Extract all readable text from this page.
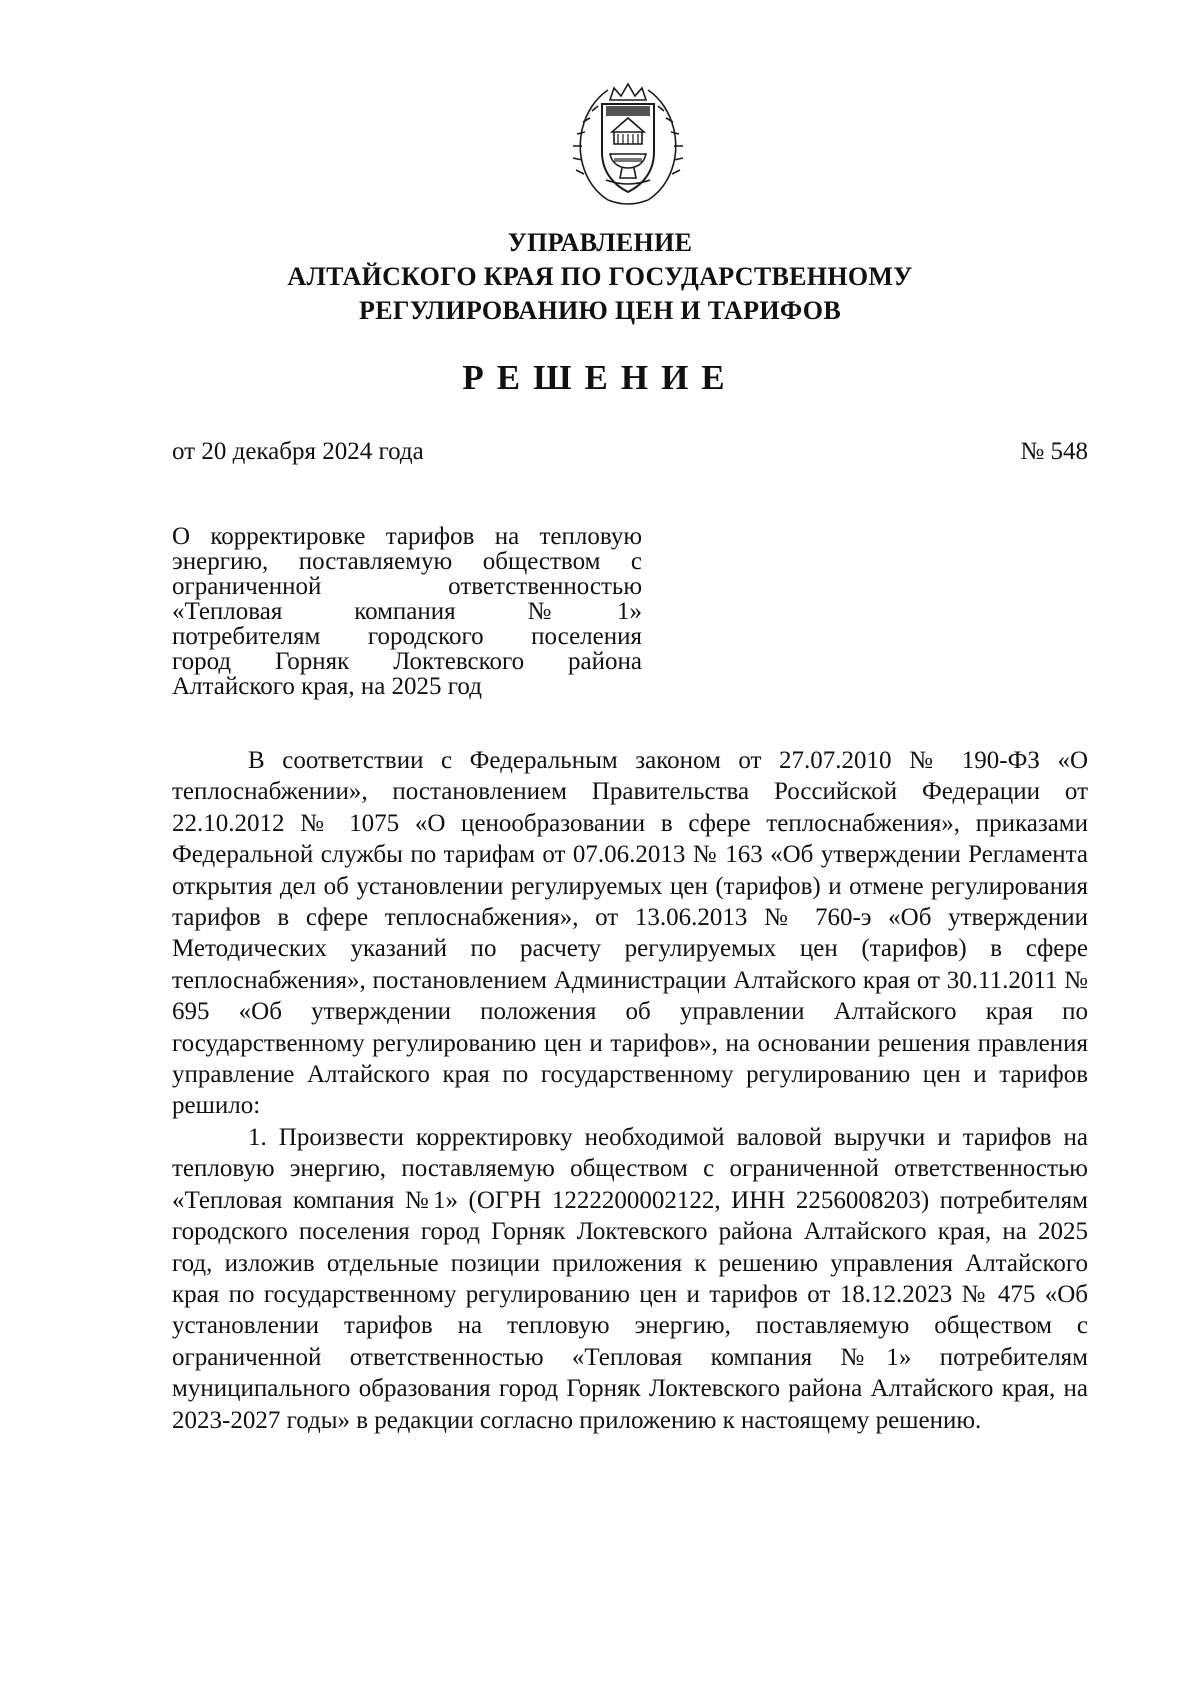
УПРАВЛЕНИЕ
АЛТАЙСКОГО КРАЯ ПО ГОСУДАРСТВЕННОМУ
РЕГУЛИРОВАНИЮ ЦЕН И ТАРИФОВ
РЕШЕНИЕ
от 20 декабря 2024 года	№ 548
О корректировке тарифов на тепловую
энергию, поставляемую обществом с
ограниченной ответственностью
«Тепловая компания №1»
потребителям городского поселения
город Горняк Локтевского района
Алтайского края, на 2025 год

В соответствии с Федеральным законом от 27.07.2010 № 190-ФЗ «О теплоснабжении», постановлением Правительства Российской Федерации от 22.10.2012 № 1075 «О ценообразовании в сфере теплоснабжения», приказами Федеральной службы по тарифам от 07.06.2013 № 163 «Об утверждении Регламента открытия дел об установлении регулируемых цен (тарифов) и отмене регулирования тарифов в сфере теплоснабжения», от 13.06.2013 № 760-э «Об утверждении Методических указаний по расчету регулируемых цен (тарифов) в сфере теплоснабжения», постановлением Администрации Алтайского края от 30.11.2011 № 695 «Об утверждении положения об управлении Алтайского края по государственному регулированию цен и тарифов», на основании решения правления управление Алтайского края по государственному регулированию цен и тарифов решило:

1. Произвести корректировку необходимой валовой выручки и тарифов на тепловую энергию, поставляемую обществом с ограниченной ответственностью «Тепловая компания №1» (ОГРН 1222200002122, ИНН 2256008203) потребителям городского поселения город Горняк Локтевского района Алтайского края, на 2025 год, изложив отдельные позиции приложения к решению управления Алтайского края по государственному регулированию цен и тарифов от 18.12.2023 № 475 «Об установлении тарифов на тепловую энергию, поставляемую обществом с ограниченной ответственностью «Тепловая компания №1» потребителям муниципального образования город Горняк Локтевского района Алтайского края, на 2023-2027 годы» в редакции согласно приложению к настоящему решению.
